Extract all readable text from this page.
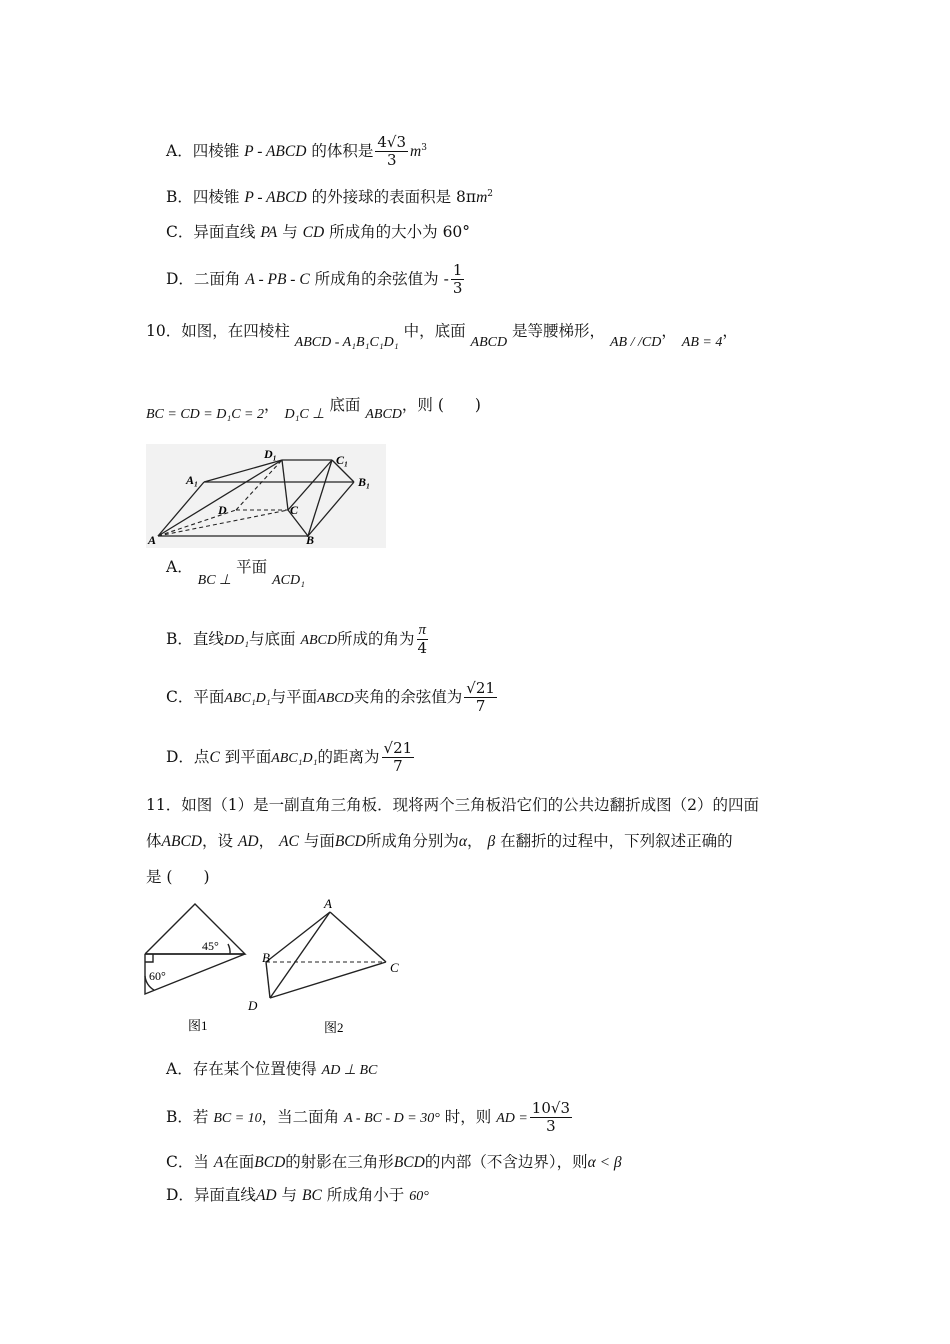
A．四棱锥 P - ABCD 的体积是 $\frac{4√3}{3} m^3$
B．四棱锥 P - ABCD 的外接球的表面积是 $8\pi m^2$
C．异面直线 PA 与 CD 所成角的大小为 60°
D．二面角 A - PB - C 所成角的余弦值为 - $\frac{1}{3}$
10．如图，在四棱柱 ABCD - A₁B₁C₁D₁ 中，底面 ABCD 是等腰梯形， AB / /CD， AB = 4，
BC = CD = D₁C = 2， D₁C ⊥ 底面 ABCD，则 (　　)
D₁	C₁
A₁	B₁
D	C
A	B
A． BC ⊥ 平面 ACD₁
B．直线DD₁与底面 ABCD所成的角为 $\frac{\pi}{4}$
C．平面ABC₁D₁与平面ABCD夹角的余弦值为 $\frac{√21}{7}$
D．点C 到平面ABC₁D₁的距离为 $\frac{√21}{7}$
11．如图（1）是一副直角三角板．现将两个三角板沿它们的公共边翻折成图（2）的四面
体ABCD，设 AD， AC 与面BCD所成角分别为α， β 在翻折的过程中，下列叙述正确的
是 (　　)
45°
60°
图1
A
B
C
D
图2
A．存在某个位置使得 AD ⊥ BC
B．若 BC = 10，当二面角 A - BC - D = 30° 时，则 AD = $\frac{10√3}{3}$
C．当 A在面BCD的射影在三角形BCD的内部（不含边界），则α < β
D．异面直线AD 与 BC 所成角小于 60°
